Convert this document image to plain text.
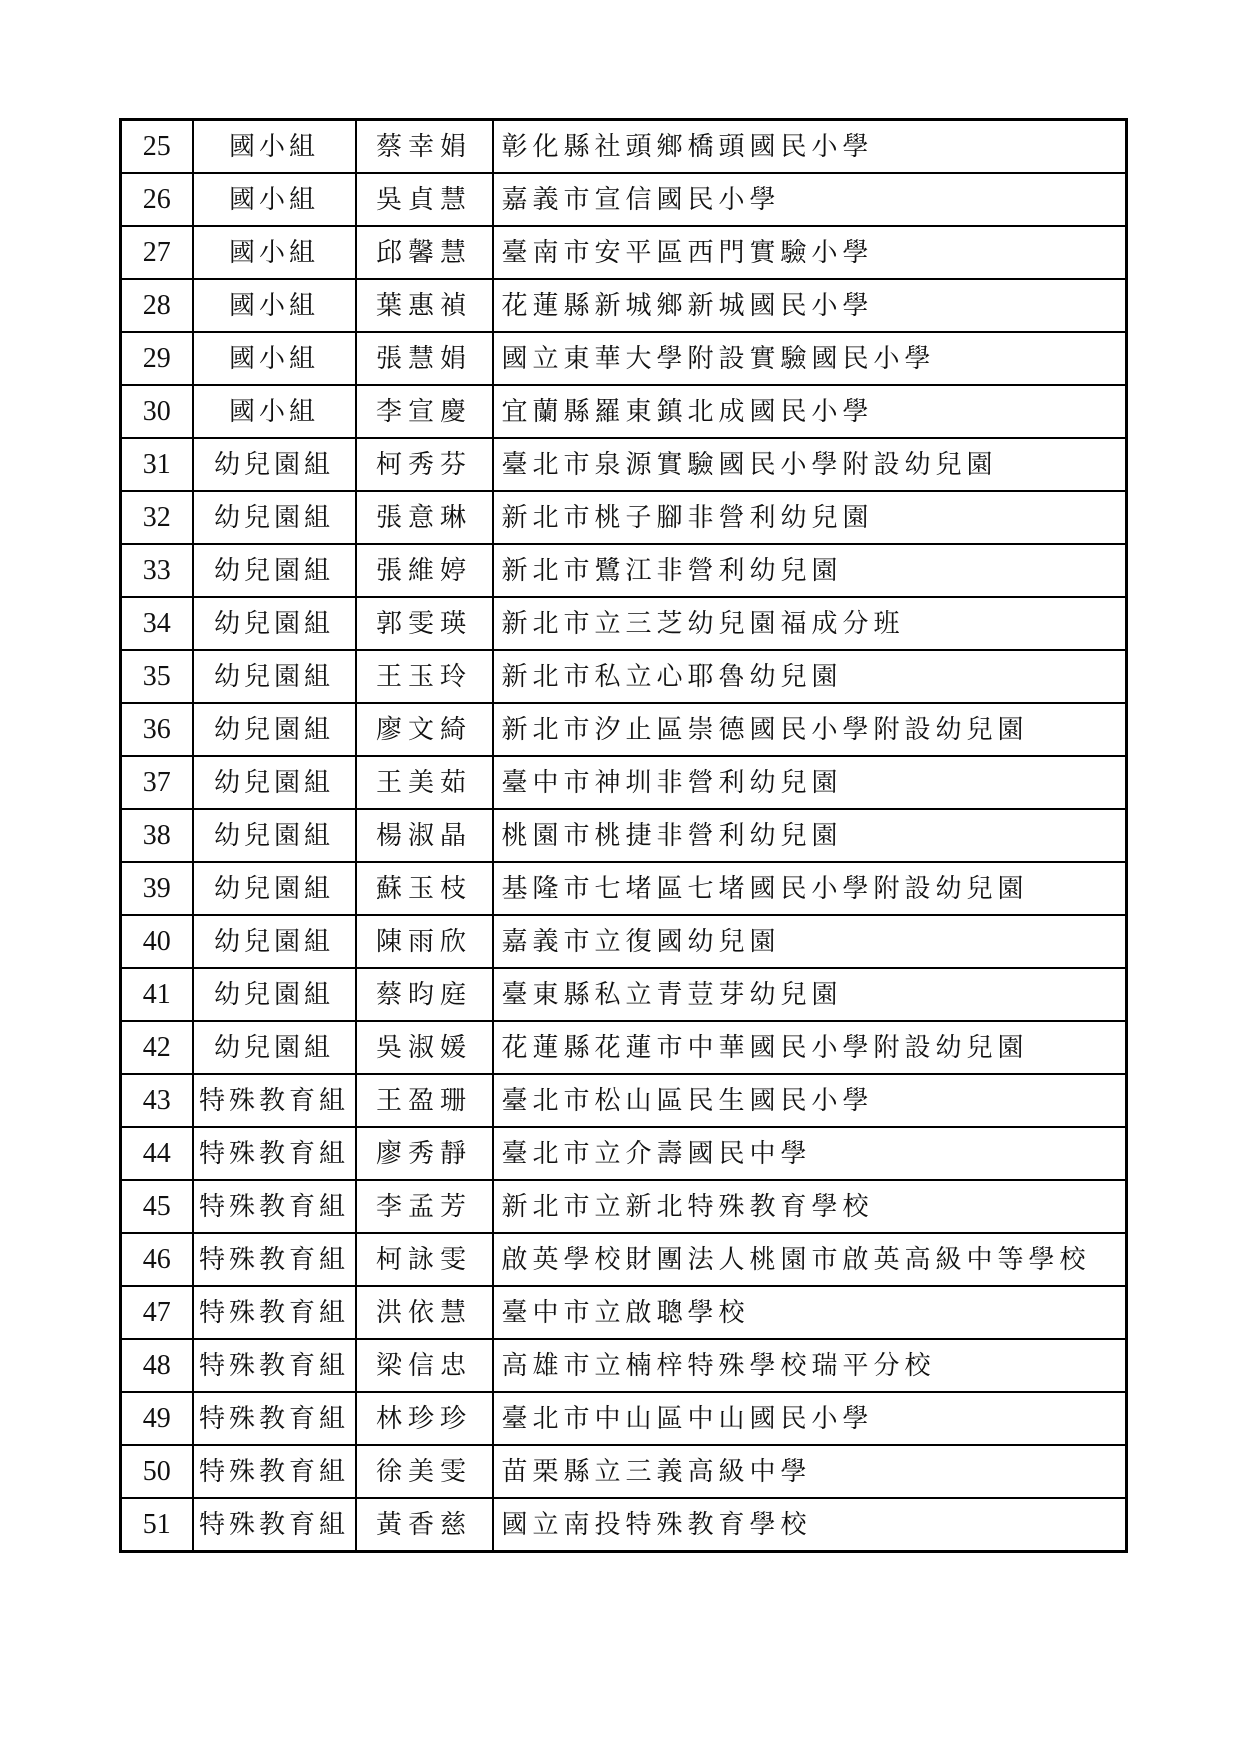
25	國小組	蔡幸娟	彰化縣社頭鄉橋頭國民小學
26	國小組	吳貞慧	嘉義市宣信國民小學
27	國小組	邱馨慧	臺南市安平區西門實驗小學
28	國小組	葉惠禎	花蓮縣新城鄉新城國民小學
29	國小組	張慧娟	國立東華大學附設實驗國民小學
30	國小組	李宣慶	宜蘭縣羅東鎮北成國民小學
31	幼兒園組	柯秀芬	臺北市泉源實驗國民小學附設幼兒園
32	幼兒園組	張意琳	新北市桃子腳非營利幼兒園
33	幼兒園組	張維婷	新北市鷺江非營利幼兒園
34	幼兒園組	郭雯瑛	新北市立三芝幼兒園福成分班
35	幼兒園組	王玉玲	新北市私立心耶魯幼兒園
36	幼兒園組	廖文綺	新北市汐止區崇德國民小學附設幼兒園
37	幼兒園組	王美茹	臺中市神圳非營利幼兒園
38	幼兒園組	楊淑晶	桃園市桃捷非營利幼兒園
39	幼兒園組	蘇玉枝	基隆市七堵區七堵國民小學附設幼兒園
40	幼兒園組	陳雨欣	嘉義市立復國幼兒園
41	幼兒園組	蔡昀庭	臺東縣私立青荳芽幼兒園
42	幼兒園組	吳淑媛	花蓮縣花蓮市中華國民小學附設幼兒園
43	特殊教育組	王盈珊	臺北市松山區民生國民小學
44	特殊教育組	廖秀靜	臺北市立介壽國民中學
45	特殊教育組	李孟芳	新北市立新北特殊教育學校
46	特殊教育組	柯詠雯	啟英學校財團法人桃園市啟英高級中等學校
47	特殊教育組	洪依慧	臺中市立啟聰學校
48	特殊教育組	梁信忠	高雄市立楠梓特殊學校瑞平分校
49	特殊教育組	林珍珍	臺北市中山區中山國民小學
50	特殊教育組	徐美雯	苗栗縣立三義高級中學
51	特殊教育組	黃香慈	國立南投特殊教育學校
